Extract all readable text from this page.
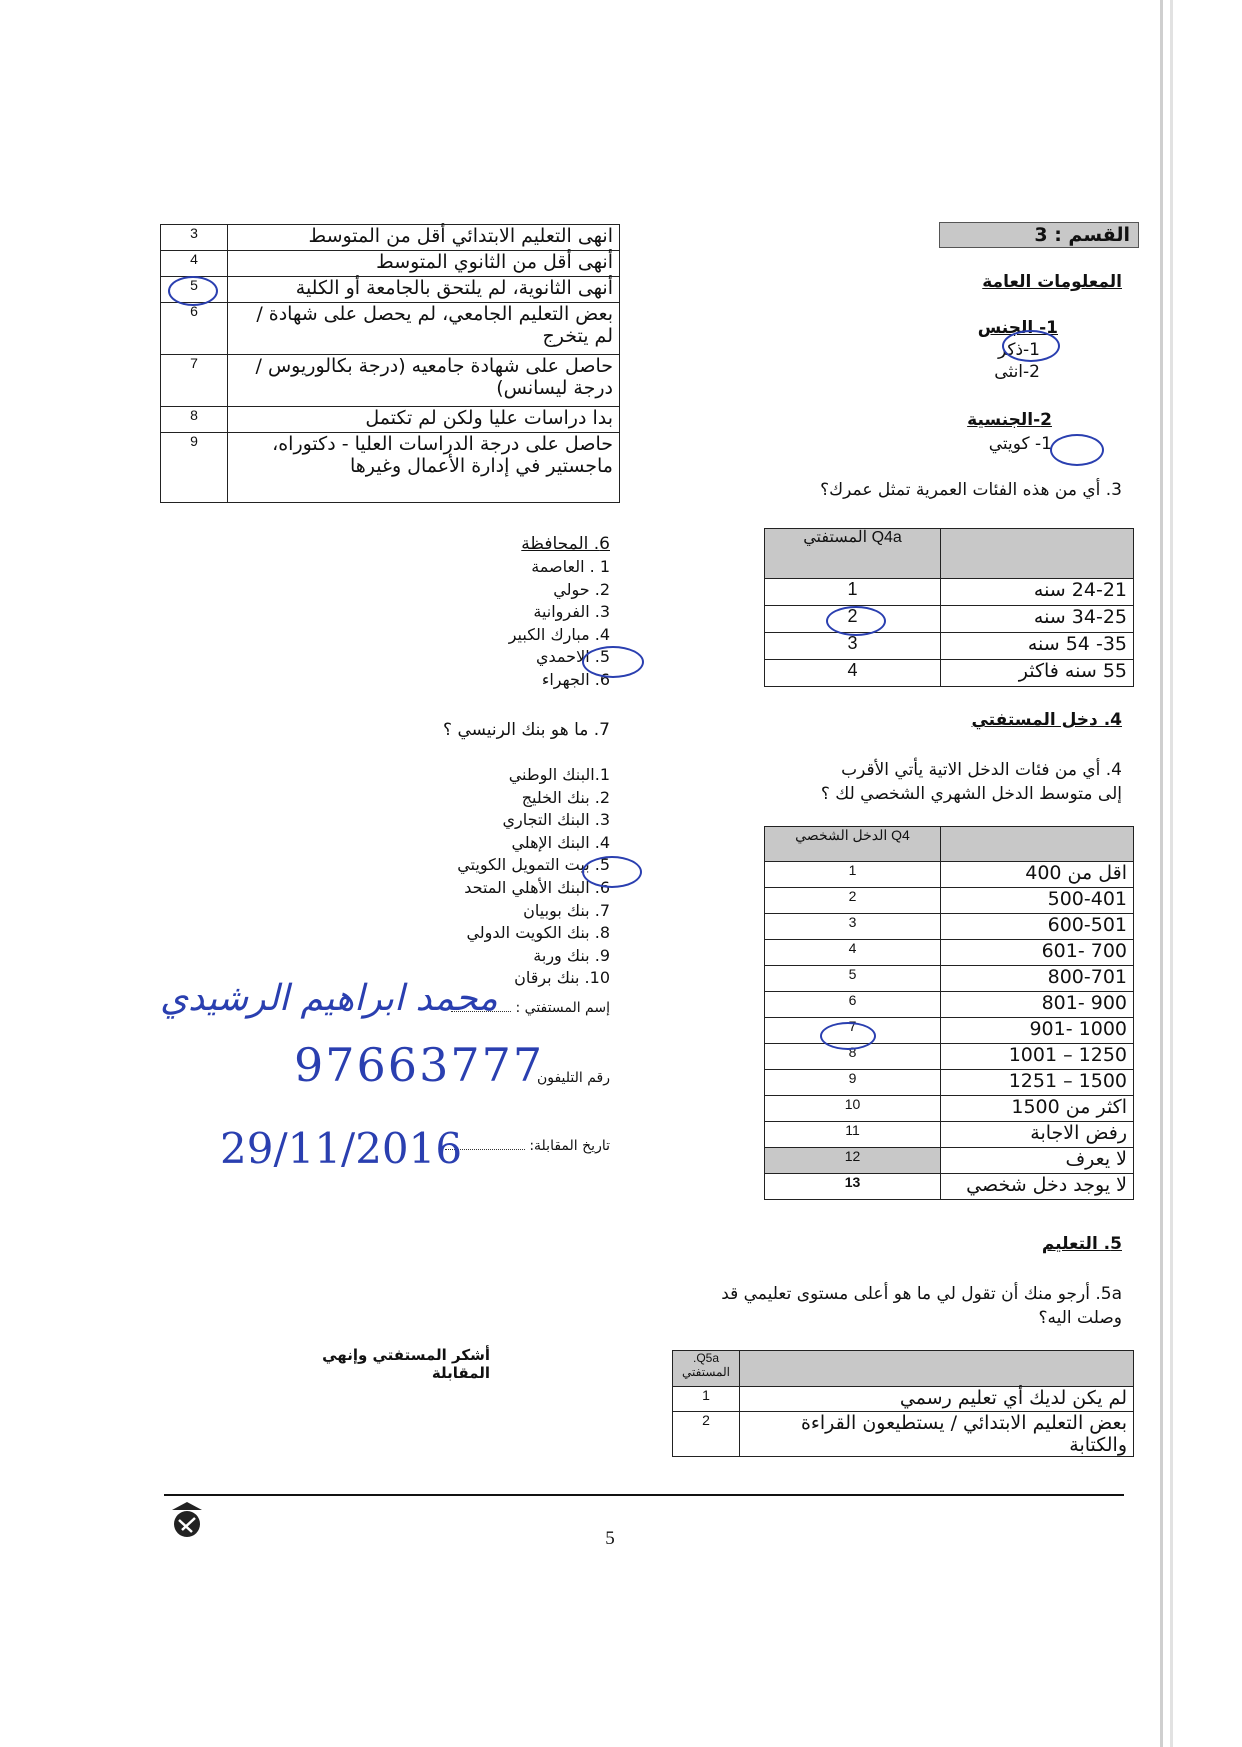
القسم : 3
المعلومات العامة
1- الجنس
1-ذكر
2-انثى
2-الجنسية
1- كويتي
3. أي من هذه الفئات العمرية تمثل عمرك؟
	Q4a المستفتي
24-21 سنه	1
34-25 سنه	2
35- 54 سنه	3
55 سنه فاكثر	4
4. دخل المستفتي
4. أي من فئات الدخل الاتية يأتي الأقرب إلى متوسط الدخل الشهري الشخصي لك ؟
	Q4 الدخل الشخصي
اقل من 400	1
500-401	2
600-501	3
700 -601	4
800-701	5
900 -801	6
1000 -901	7
1250 – 1001	8
1500 – 1251	9
اكثر من 1500	10
رفض الاجابة	11
لا يعرف	12
لا يوجد دخل شخصي	13
5. التعليم
5a. أرجو منك أن تقول لي ما هو أعلى مستوى تعليمي قد وصلت اليه؟
	Q5a. المستفتي
لم يكن لديك أي تعليم رسمي	1
بعض التعليم الابتدائي / يستطيعون القراءة والكتابة	2
انهى التعليم الابتدائي أقل من المتوسط	3
أنهى أقل من الثانوي المتوسط	4
أنهى الثانوية، لم يلتحق بالجامعة أو الكلية	5
بعض التعليم الجامعي، لم يحصل على شهادة / لم يتخرج	6
حاصل على شهادة جامعيه (درجة بكالوريوس / درجة ليسانس)	7
بدا دراسات عليا ولكن لم تكتمل	8
حاصل على درجة الدراسات العليا - دكتوراه، ماجستير في إدارة الأعمال وغيرها	9
6. المحافظة
1 . العاصمة
2. حولي
3. الفروانية
4. مبارك الكبير
5. الاحمدي
6. الجهراء
7. ما هو بنك الرنيسي ؟
1.البنك الوطني
2. بنك الخليج
3. البنك التجاري
4. البنك الإهلي
5. بيت التمويل الكويتي
6. البنك الأهلي المتحد
7. بنك بوبيان
8. بنك الكويت الدولي
9. بنك وربة
10. بنك برقان
إسم المستفتي :
محمد ابراهيم الرشيدي
رقم التليفون
97663777
تاريخ المقابلة:
29/11/2016
أشكر المستفتي وإنهي المقابلة
5
